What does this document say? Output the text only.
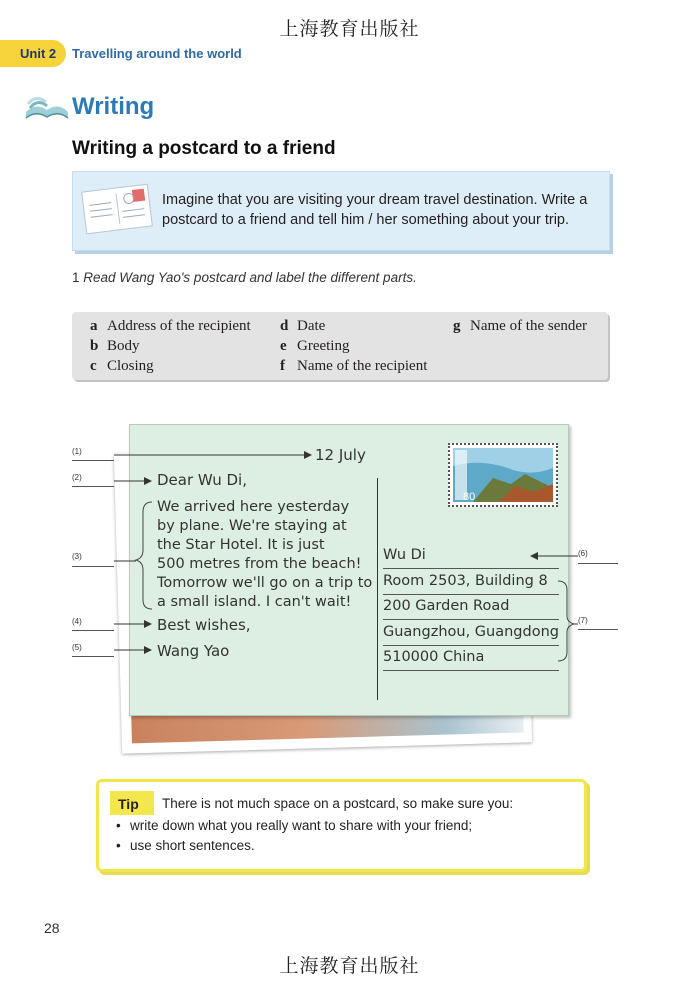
上海教育出版社
Unit 2 Travelling around the world
Writing
Writing a postcard to a friend
Imagine that you are visiting your dream travel destination. Write a
postcard to a friend and tell him / her something about your trip.
1 Read Wang Yao's postcard and label the different parts.
a Address of the recipient
b Body
c Closing
d Date
e Greeting
f Name of the recipient
g Name of the sender
80
12 July
Dear Wu Di,
We arrived here yesterday
by plane. We're staying at
the Star Hotel. It is just
500 metres from the beach!
Tomorrow we'll go on a trip to
a small island. I can't wait!
Best wishes,
Wang Yao
Wu Di
Room 2503, Building 8
200 Garden Road
Guangzhou, Guangdong
510000 China
(1)
(2)
(3)
(4)
(5)
(6)
(7)
Tip There is not much space on a postcard, so make sure you:
• write down what you really want to share with your friend;
• use short sentences.
28
上海教育出版社
